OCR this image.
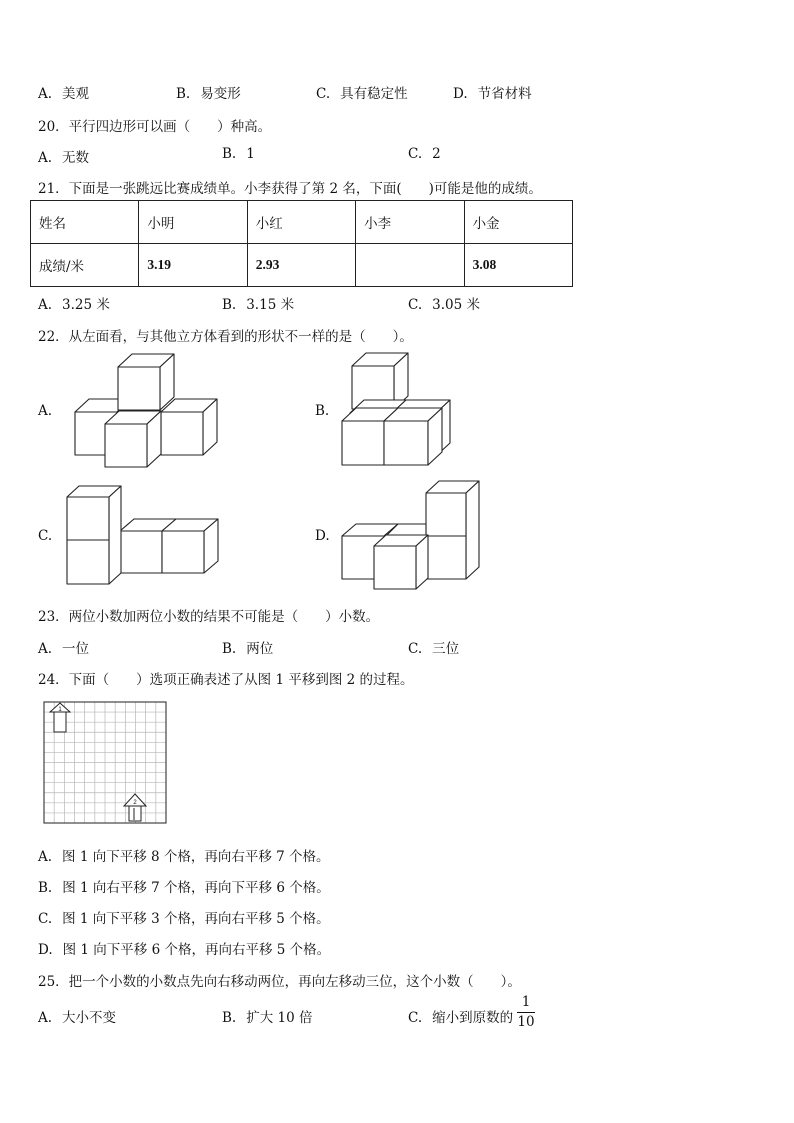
A. 美观	B. 易变形	C. 具有稳定性	D. 节省材料
20．平行四边形可以画（　　）种高。
A. 无数	B. 1	C. 2
21．下面是一张跳远比赛成绩单。小李获得了第 2 名，下面(　　)可能是他的成绩。
姓名	小明	小红	小李	小金
成绩/米	3.19	2.93		3.08
A. 3.25 米	B. 3.15 米	C. 3.05 米
22．从左面看，与其他立方体看到的形状不一样的是（　　）。
A.	B.
C.	D.
23．两位小数加两位小数的结果不可能是（　　）小数。
A. 一位	B. 两位	C. 三位
24．下面（　　）选项正确表述了从图 1 平移到图 2 的过程。
1
2
A. 图 1 向下平移 8 个格，再向右平移 7 个格。
B. 图 1 向右平移 7 个格，再向下平移 6 个格。
C. 图 1 向下平移 3 个格，再向右平移 5 个格。
D. 图 1 向下平移 6 个格，再向右平移 5 个格。
25．把一个小数的小数点先向右移动两位，再向左移动三位，这个小数（　　）。
A. 大小不变	B. 扩大 10 倍	C. 缩小到原数的
1
10
